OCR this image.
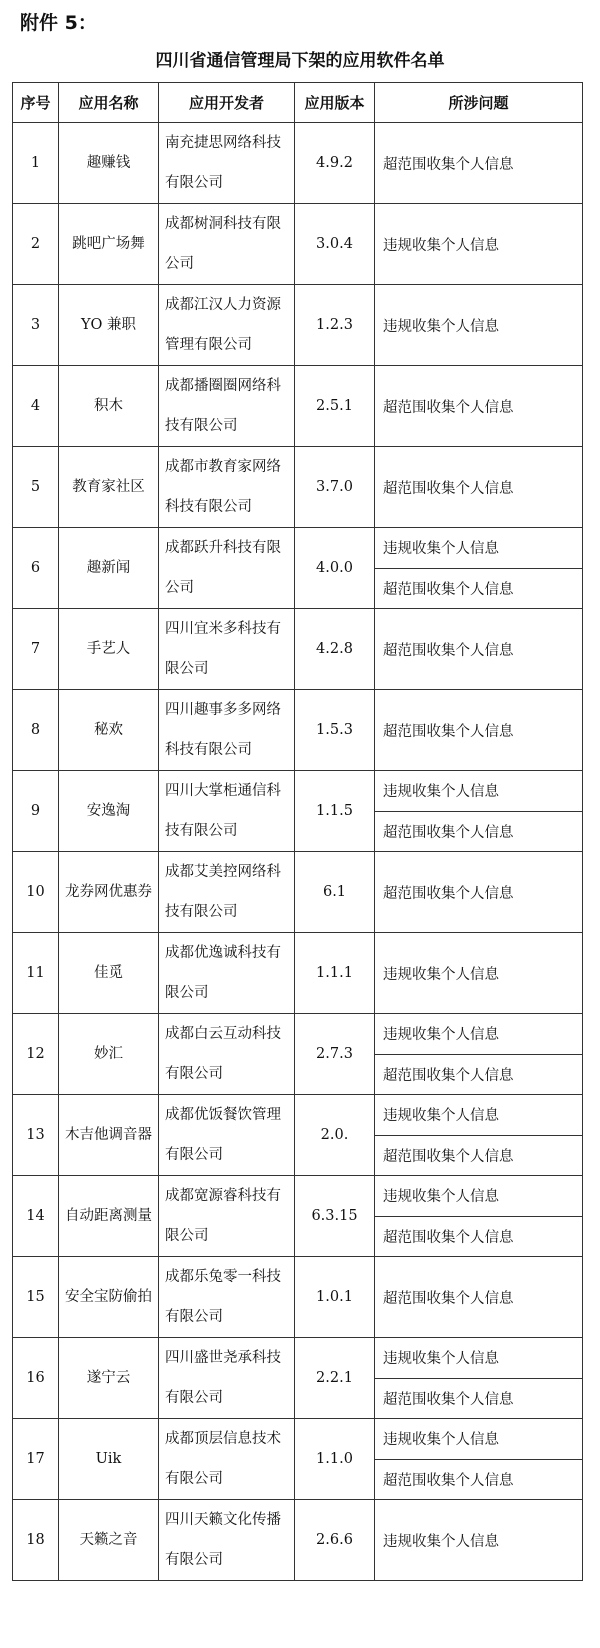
附件 5：
四川省通信管理局下架的应用软件名单
序号	应用名称	应用开发者	应用版本	所涉问题
1	趣赚钱	南充捷思网络科技有限公司	4.9.2	超范围收集个人信息
2	跳吧广场舞	成都树洞科技有限公司	3.0.4	违规收集个人信息
3	YO 兼职	成都江汉人力资源管理有限公司	1.2.3	违规收集个人信息
4	积木	成都播圈圈网络科技有限公司	2.5.1	超范围收集个人信息
5	教育家社区	成都市教育家网络科技有限公司	3.7.0	超范围收集个人信息
6	趣新闻	成都跃升科技有限公司	4.0.0	违规收集个人信息
				超范围收集个人信息
7	手艺人	四川宜米多科技有限公司	4.2.8	超范围收集个人信息
8	秘欢	四川趣事多多网络科技有限公司	1.5.3	超范围收集个人信息
9	安逸淘	四川大掌柜通信科技有限公司	1.1.5	违规收集个人信息
				超范围收集个人信息
10	龙券网优惠券	成都艾美控网络科技有限公司	6.1	超范围收集个人信息
11	佳觅	成都优逸诚科技有限公司	1.1.1	违规收集个人信息
12	妙汇	成都白云互动科技有限公司	2.7.3	违规收集个人信息
				超范围收集个人信息
13	木吉他调音器	成都优饭餐饮管理有限公司	2.0.	违规收集个人信息
				超范围收集个人信息
14	自动距离测量	成都宽源睿科技有限公司	6.3.15	违规收集个人信息
				超范围收集个人信息
15	安全宝防偷拍	成都乐兔零一科技有限公司	1.0.1	超范围收集个人信息
16	遂宁云	四川盛世尧承科技有限公司	2.2.1	违规收集个人信息
				超范围收集个人信息
17	Uik	成都顶层信息技术有限公司	1.1.0	违规收集个人信息
				超范围收集个人信息
18	天籁之音	四川天籁文化传播有限公司	2.6.6	违规收集个人信息
